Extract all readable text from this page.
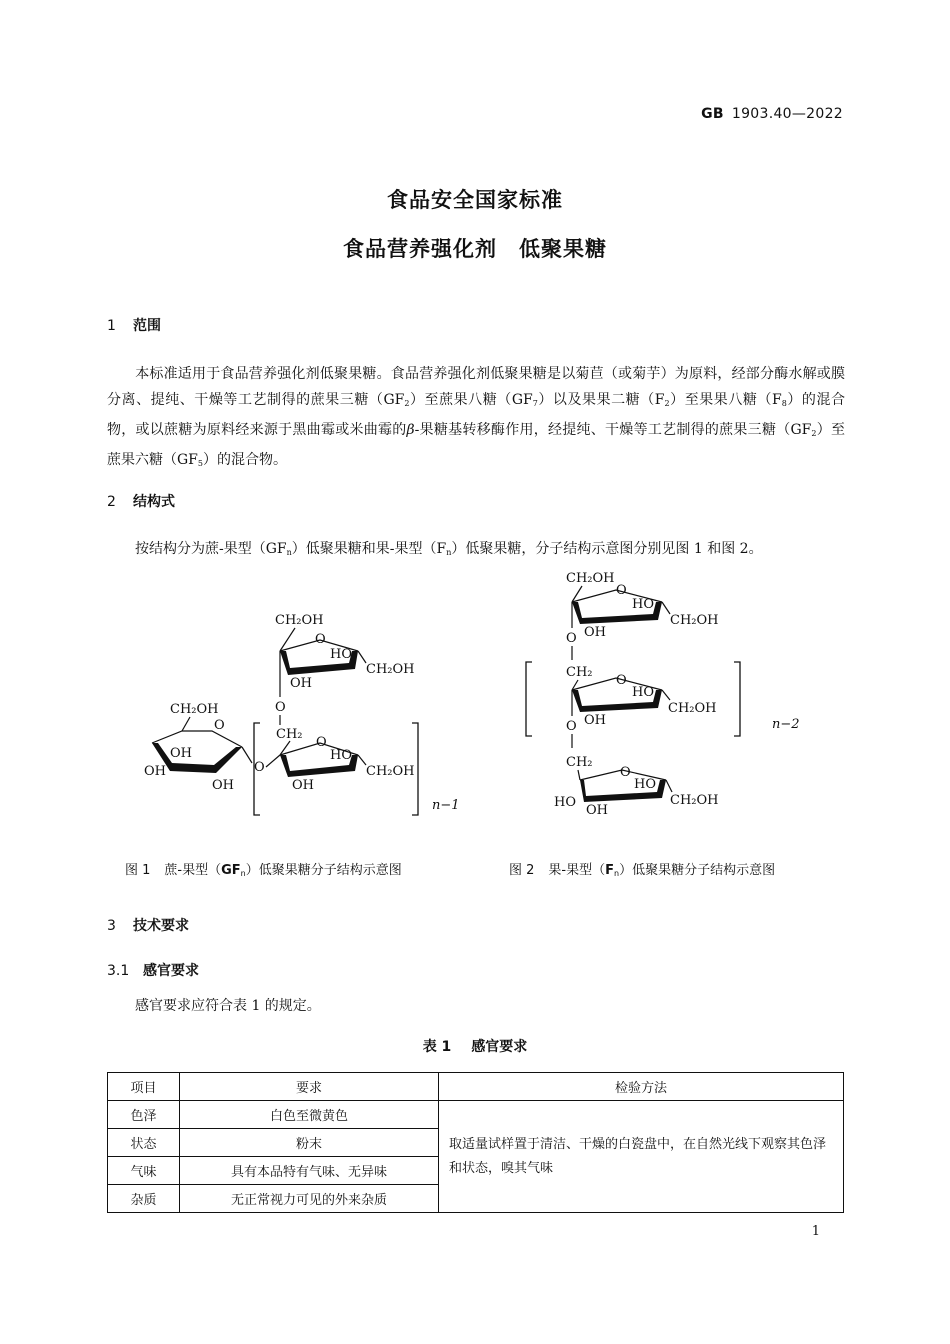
GB 1903.40—2022
食品安全国家标准
食品营养强化剂　低聚果糖
1 范围
本标准适用于食品营养强化剂低聚果糖。食品营养强化剂低聚果糖是以菊苣（或菊芋）为原料，经部分酶水解或膜分离、提纯、干燥等工艺制得的蔗果三糖$(GF_2)$至蔗果八糖$(GF_7)$以及果果二糖$(F_2)$至果果八糖$(F_8)$的混合物，或以蔗糖为原料经来源于黑曲霉或米曲霉的β-果糖基转移酶作用，经提纯、干燥等工艺制得的蔗果三糖$(GF_2)$至蔗果六糖$(GF_5)$的混合物。
2 结构式
按结构分为蔗-果型$(GF_n)$低聚果糖和果-果型$(F_n)$低聚果糖，分子结构示意图分别见图 1 和图 2。
CH₂OH
O
HO
CH₂OH
OH
O
CH₂
O
HO
CH₂OH
OH
CH₂OH
O
OH
OH
OH
O
n−1
CH₂OH
O
HO
CH₂OH
OH
O
CH₂
O
HO
CH₂OH
OH
O
CH₂
O
HO
CH₂OH
HO
OH
n−2
图 1 蔗-果型$(GF_n)$低聚果糖分子结构示意图	图 2 果-果型$(F_n)$低聚果糖分子结构示意图
3 技术要求
3.1 感官要求
感官要求应符合表 1 的规定。
表 1 感官要求
项目	要求	检验方法
色泽	白色至微黄色	取适量试样置于清洁、干燥的白瓷盘中，在自然光线下观察其色泽和状态，嗅其气味
状态	粉末	
气味	具有本品特有气味、无异味	
杂质	无正常视力可见的外来杂质	
1
